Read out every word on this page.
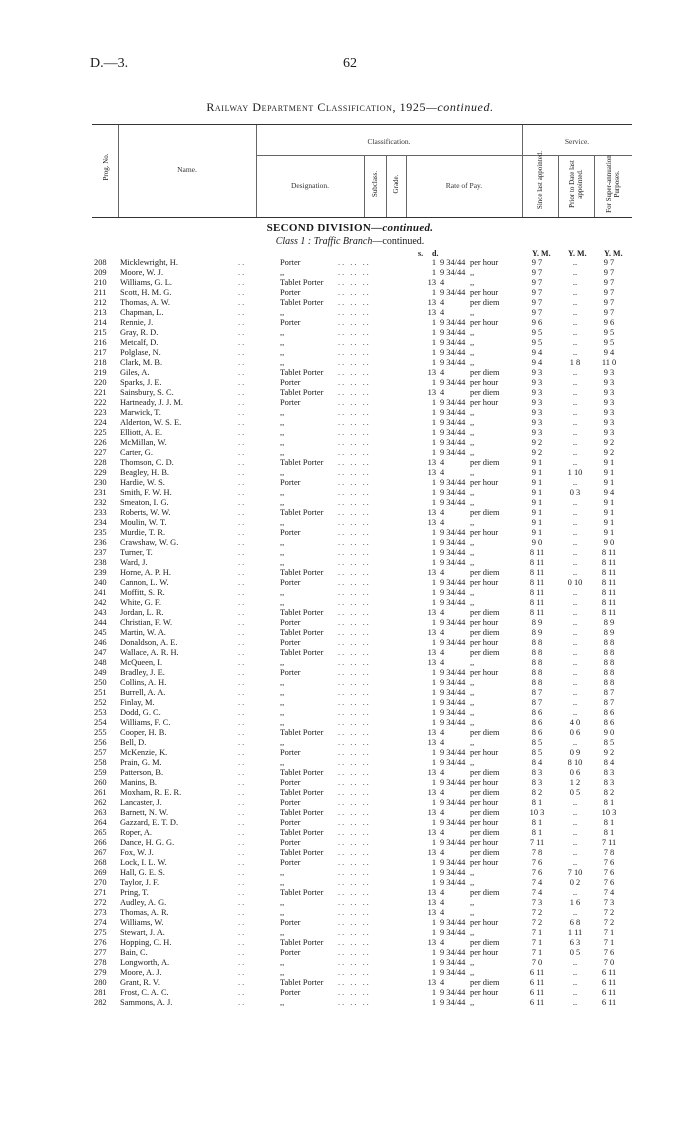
D.—3.	62
Railway Department Classification, 1925—continued.
Prog. No.	Name.
Classification.	Service.
Designation.	Subclass. Grade.	Rate of Pay.	Since last appointed.	Prior to Date last appointed.	For Super-annuation Purposes.
SECOND DIVISION—continued.
Class 1 : Traffic Branch—continued.
s. d.	Y. M. Y. M. Y. M.
208	Micklewright, H.	..	Porter	.. .. ..	1 9 34/44 per hour	9 7	..	9 7
209	Moore, W. J.	..	,,	.. .. ..	1 9 34/44 ,,	9 7	..	9 7
210	Williams, G. L.	..	Tablet Porter	.. .. ..	13 4 ,,	9 7	..	9 7
211	Scott, H. M. G.	..	Porter	.. .. ..	1 9 34/44 per hour	9 7	..	9 7
212	Thomas, A. W.	..	Tablet Porter	.. .. ..	13 4 per diem	9 7	..	9 7
213	Chapman, L.	..	,,	.. .. ..	13 4 ,,	9 7	..	9 7
214	Rennie, J.	..	Porter	.. .. ..	1 9 34/44 per hour	9 6	..	9 6
215	Gray, R. D.	..	,,	.. .. ..	1 9 34/44 ,,	9 5	..	9 5
216	Metcalf, D.	..	,,	.. .. ..	1 9 34/44 ,,	9 5	..	9 5
217	Polglase, N.	..	,,	.. .. ..	1 9 34/44 ,,	9 4	..	9 4
218	Clark, M. B.	..	,,	.. .. ..	1 9 34/44 ,,	9 4	1 8	11 0
219	Giles, A.	..	Tablet Porter	.. .. ..	13 4 per diem	9 3	..	9 3
220	Sparks, J. E.	..	Porter	.. .. ..	1 9 34/44 per hour	9 3	..	9 3
221	Sainsbury, S. C.	..	Tablet Porter	.. .. ..	13 4 per diem	9 3	..	9 3
222	Hartneady, J. J. M.	..	Porter	.. .. ..	1 9 34/44 per hour	9 3	..	9 3
223	Marwick, T.	..	,,	.. .. ..	1 9 34/44 ,,	9 3	..	9 3
224	Alderton, W. S. E.	..	,,	.. .. ..	1 9 34/44 ,,	9 3	..	9 3
225	Elliott, A. E.	..	,,	.. .. ..	1 9 34/44 ,,	9 3	..	9 3
226	McMillan, W.	..	,,	.. .. ..	1 9 34/44 ,,	9 2	..	9 2
227	Carter, G.	..	,,	.. .. ..	1 9 34/44 ,,	9 2	..	9 2
228	Thomson, C. D.	..	Tablet Porter	.. .. ..	13 4 per diem	9 1	..	9 1
229	Beagley, H. B.	..	,,	.. .. ..	13 4 ,,	9 1	1 10	9 1
230	Hardie, W. S.	..	Porter	.. .. ..	1 9 34/44 per hour	9 1	..	9 1
231	Smith, F. W. H.	..	,,	.. .. ..	1 9 34/44 ,,	9 1	0 3	9 4
232	Smeaton, I. G.	..	,,	.. .. ..	1 9 34/44 ,,	9 1	..	9 1
233	Roberts, W. W.	..	Tablet Porter	.. .. ..	13 4 per diem	9 1	..	9 1
234	Moulin, W. T.	..	,,	.. .. ..	13 4 ,,	9 1	..	9 1
235	Murdie, T. R.	..	Porter	.. .. ..	1 9 34/44 per hour	9 1	..	9 1
236	Crawshaw, W. G.	..	,,	.. .. ..	1 9 34/44 ,,	9 0	..	9 0
237	Turner, T.	..	,,	.. .. ..	1 9 34/44 ,,	8 11	..	8 11
238	Ward, J.	..	,,	.. .. ..	1 9 34/44 ,,	8 11	..	8 11
239	Horne, A. P. H.	..	Tablet Porter	.. .. ..	13 4 per diem	8 11	..	8 11
240	Cannon, L. W.	..	Porter	.. .. ..	1 9 34/44 per hour	8 11	0 10	8 11
241	Moffitt, S. R.	..	,,	.. .. ..	1 9 34/44 ,,	8 11	..	8 11
242	White, G. F.	..	,,	.. .. ..	1 9 34/44 ,,	8 11	..	8 11
243	Jordan, L. R.	..	Tablet Porter	.. .. ..	13 4 per diem	8 11	..	8 11
244	Christian, F. W.	..	Porter	.. .. ..	1 9 34/44 per hour	8 9	..	8 9
245	Martin, W. A.	..	Tablet Porter	.. .. ..	13 4 per diem	8 9	..	8 9
246	Donaldson, A. E.	..	Porter	.. .. ..	1 9 34/44 per hour	8 8	..	8 8
247	Wallace, A. R. H.	..	Tablet Porter	.. .. ..	13 4 per diem	8 8	..	8 8
248	McQueen, I.	..	,,	.. .. ..	13 4 ,,	8 8	..	8 8
249	Bradley, J. E.	..	Porter	.. .. ..	1 9 34/44 per hour	8 8	..	8 8
250	Collins, A. H.	..	,,	.. .. ..	1 9 34/44 ,,	8 8	..	8 8
251	Burrell, A. A.	..	,,	.. .. ..	1 9 34/44 ,,	8 7	..	8 7
252	Finlay, M.	..	,,	.. .. ..	1 9 34/44 ,,	8 7	..	8 7
253	Dodd, G. C.	..	,,	.. .. ..	1 9 34/44 ,,	8 6	..	8 6
254	Williams, F. C.	..	,,	.. .. ..	1 9 34/44 ,,	8 6	4 0	8 6
255	Cooper, H. B.	..	Tablet Porter	.. .. ..	13 4 per diem	8 6	0 6	9 0
256	Bell, D.	..	,,	.. .. ..	13 4 ,,	8 5	..	8 5
257	McKenzie, K.	..	Porter	.. .. ..	1 9 34/44 per hour	8 5	0 9	9 2
258	Prain, G. M.	..	,,	.. .. ..	1 9 34/44 ,,	8 4	8 10	8 4
259	Patterson, B.	..	Tablet Porter	.. .. ..	13 4 per diem	8 3	0 6	8 3
260	Manins, B.	..	Porter	.. .. ..	1 9 34/44 per hour	8 3	1 2	8 3
261	Moxham, R. E. R.	..	Tablet Porter	.. .. ..	13 4 per diem	8 2	0 5	8 2
262	Lancaster, J.	..	Porter	.. .. ..	1 9 34/44 per hour	8 1	..	8 1
263	Barnett, N. W.	..	Tablet Porter	.. .. ..	13 4 per diem	10 3	..	10 3
264	Gazzard, E. T. D.	..	Porter	.. .. ..	1 9 34/44 per hour	8 1	..	8 1
265	Roper, A.	..	Tablet Porter	.. .. ..	13 4 per diem	8 1	..	8 1
266	Dance, H. G. G.	..	Porter	.. .. ..	1 9 34/44 per hour	7 11	..	7 11
267	Fox, W. J.	..	Tablet Porter	.. .. ..	13 4 per diem	7 8	..	7 8
268	Lock, I. L. W.	..	Porter	.. .. ..	1 9 34/44 per hour	7 6	..	7 6
269	Hall, G. E. S.	..	,,	.. .. ..	1 9 34/44 ,,	7 6	7 10	7 6
270	Taylor, J. F.	..	,,	.. .. ..	1 9 34/44 ,,	7 4	0 2	7 6
271	Pring, T.	..	Tablet Porter	.. .. ..	13 4 per diem	7 4	..	7 4
272	Audley, A. G.	..	,,	.. .. ..	13 4 ,,	7 3	1 6	7 3
273	Thomas, A. R.	..	,,	.. .. ..	13 4 ,,	7 2	..	7 2
274	Williams, W.	..	Porter	.. .. ..	1 9 34/44 per hour	7 2	6 8	7 2
275	Stewart, J. A.	..	,,	.. .. ..	1 9 34/44 ,,	7 1	1 11	7 1
276	Hopping, C. H.	..	Tablet Porter	.. .. ..	13 4 per diem	7 1	6 3	7 1
277	Bain, C.	..	Porter	.. .. ..	1 9 34/44 per hour	7 1	0 5	7 6
278	Longworth, A.	..	,,	.. .. ..	1 9 34/44 ,,	7 0	..	7 0
279	Moore, A. J.	..	,,	.. .. ..	1 9 34/44 ,,	6 11	..	6 11
280	Grant, R. V.	..	Tablet Porter	.. .. ..	13 4 per diem	6 11	..	6 11
281	Frost, C. A. C.	..	Porter	.. .. ..	1 9 34/44 per hour	6 11	..	6 11
282	Sammons, A. J.	..	,,	.. .. ..	1 9 34/44 ,,	6 11	..	6 11
